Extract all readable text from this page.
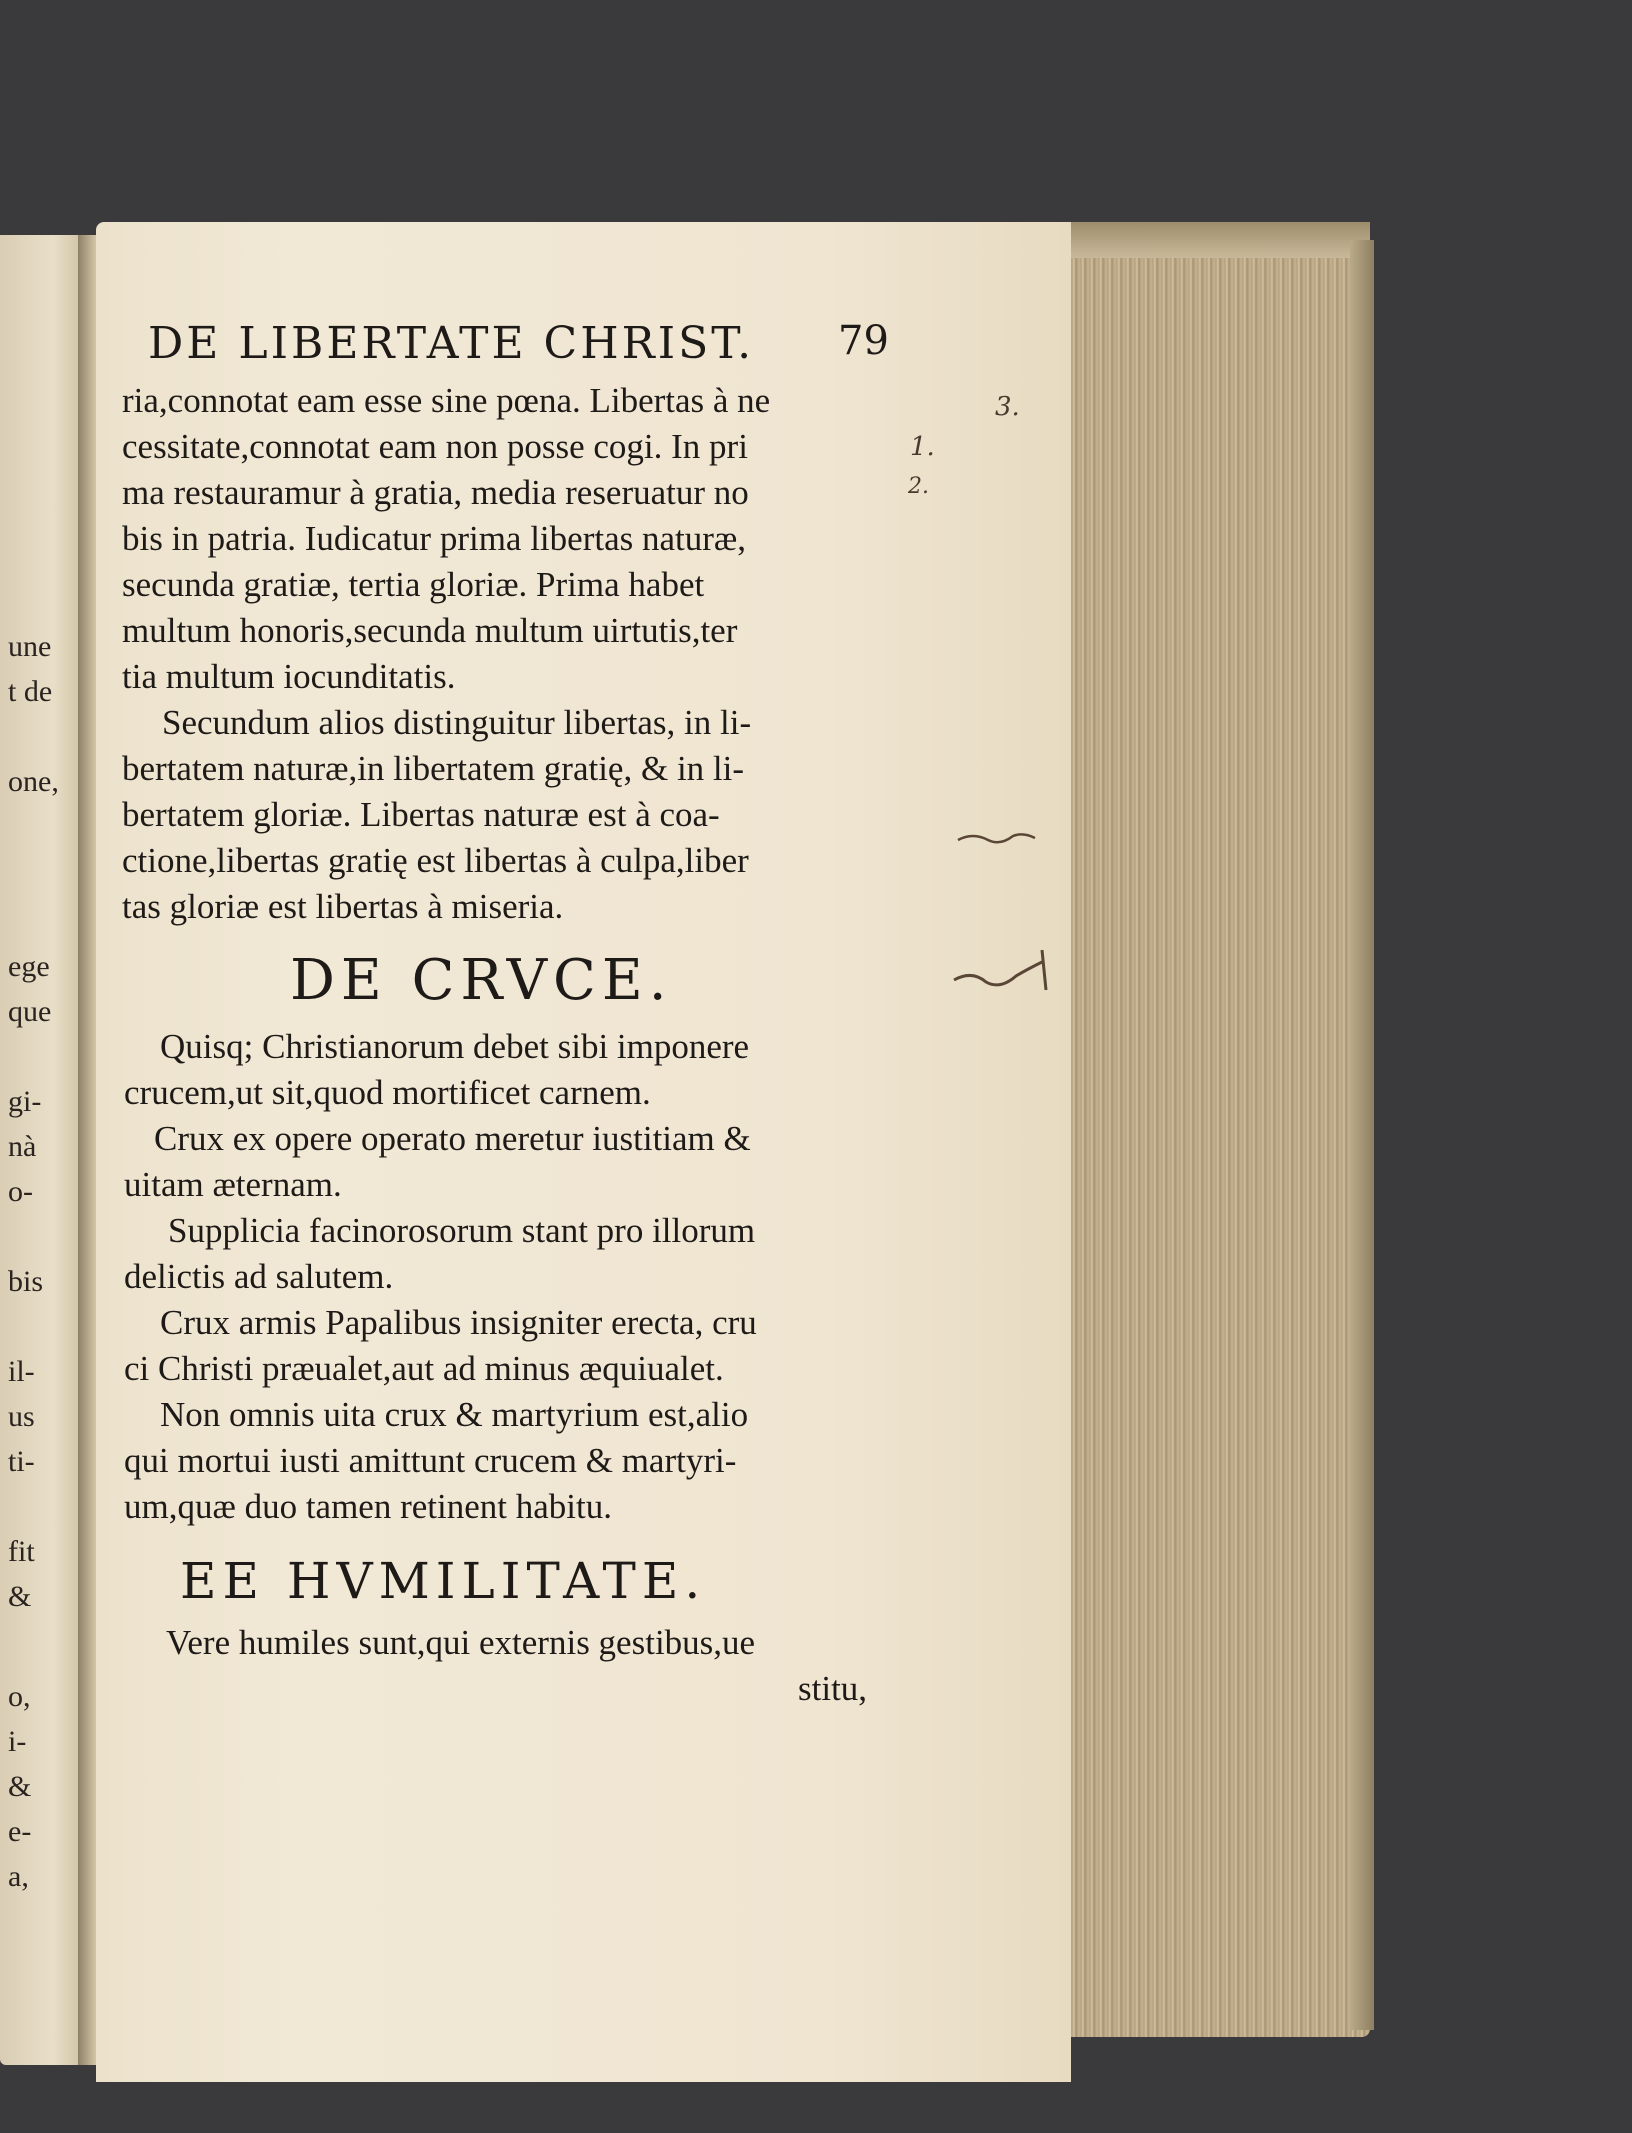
une
t de
one,
ege
que
gi-
nà
o-
bis
il-
us
ti-
fit
&
o,
i-
&
e-
a,
DE LIBERTATE CHRIST.	79
ria,connotat eam esse sine pœna. Libertas à ne
cessitate,connotat eam non posse cogi. In pri
ma restauramur à gratia, media reseruatur no
bis in patria. Iudicatur prima libertas naturæ,
secunda gratiæ, tertia gloriæ. Prima habet
multum honoris,secunda multum uirtutis,ter
tia multum iocunditatis.
Secundum alios distinguitur libertas, in li-
bertatem naturæ,in libertatem gratię, & in li-
bertatem gloriæ. Libertas naturæ est à coa-
ctione,libertas gratię est libertas à culpa,liber
tas gloriæ est libertas à miseria.
DE CRVCE.
Quisq; Christianorum debet sibi imponere
crucem,ut sit,quod mortificet carnem.
Crux ex opere operato meretur iustitiam &
uitam æternam.
Supplicia facinorosorum stant pro illorum
delictis ad salutem.
Crux armis Papalibus insigniter erecta, cru
ci Christi præualet,aut ad minus æquiualet.
Non omnis uita crux & martyrium est,alio
qui mortui iusti amittunt crucem & martyri-
um,quæ duo tamen retinent habitu.
EE HVMILITATE.
Vere humiles sunt,qui externis gestibus,ue
stitu,
3.
1.
2.
